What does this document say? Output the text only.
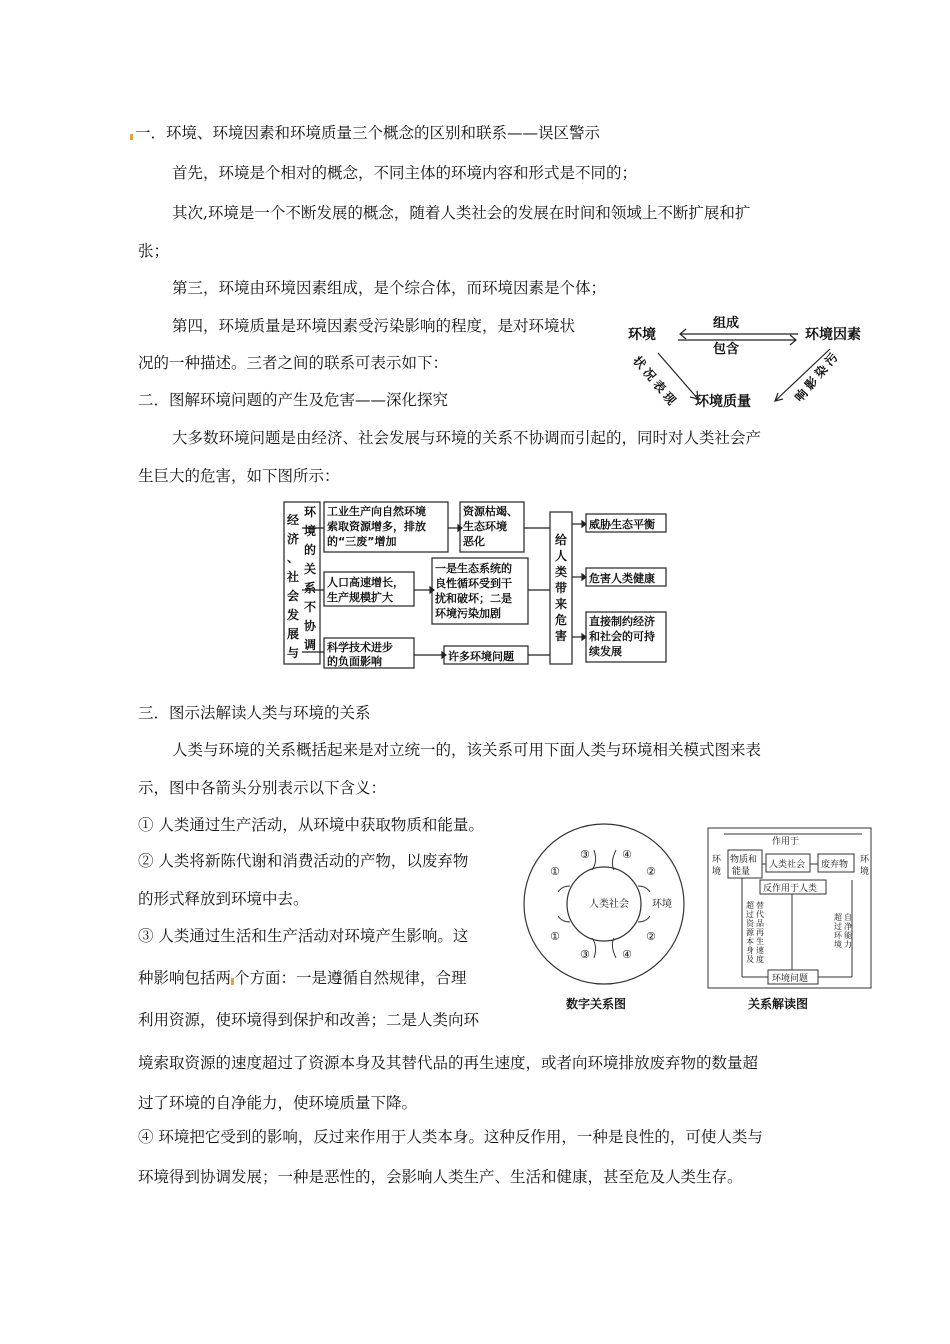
一．环境、环境因素和环境质量三个概念的区别和联系——误区警示
首先，环境是个相对的概念，不同主体的环境内容和形式是不同的；
其次,环境是一个不断发展的概念，随着人类社会的发展在时间和领域上不断扩展和扩
张；
第三，环境由环境因素组成，是个综合体，而环境因素是个体；
第四，环境质量是环境因素受污染影响的程度，是对环境状
况的一种描述。三者之间的联系可表示如下：
环境	环境因素
环境质量
组成
包含
状
况
表
现
污
染
影
响
二．图解环境问题的产生及危害——深化探究
大多数环境问题是由经济、社会发展与环境的关系不协调而引起的，同时对人类社会产
生巨大的危害，如下图所示：
经
济
、
社
会
发
展
与
环
境
的
关
系
不
协
调
工业生产向自然环境
索取资源增多，排放
的“三废”增加
资源枯竭、
生态环境
恶化
人口高速增长，
生产规模扩大
一是生态系统的
良性循环受到干
扰和破坏；二是
环境污染加剧
科学技术进步
的负面影响	许多环境问题
威胁生态平衡
危害人类健康
直接制约经济
和社会的可持
续发展
给
人
类
带
来
危
害
三．图示法解读人类与环境的关系
人类与环境的关系概括起来是对立统一的，该关系可用下面人类与环境相关模式图来表
示，图中各箭头分别表示以下含义：
① 人类通过生产活动，从环境中获取物质和能量。
② 人类将新陈代谢和消费活动的产物，以废弃物
的形式释放到环境中去。
③ 人类通过生活和生产活动对环境产生影响。这
种影响包括两 个方面：一是遵循自然规律，合理
利用资源，使环境得到保护和改善；二是人类向环
境索取资源的速度超过了资源本身及其替代品的再生速度，或者向环境排放废弃物的数量超
过了环境的自净能力，使环境质量下降。
④ 环境把它受到的影响，反过来作用于人类本身。这种反作用，一种是良性的，可使人类与
环境得到协调发展；一种是恶性的，会影响人类生产、生活和健康，甚至危及人类生存。
人类社会 环境
③	④
①	②
①	②
③	④
数字关系图
作用于
环
境
环
境
物质和
能量
人类社会 废弃物
反作用于人类
环境问题
超
过
资
源
本
身
及
替
代
品
再
生
速
度
超
过
环
境
自
净
能
力
关系解读图
